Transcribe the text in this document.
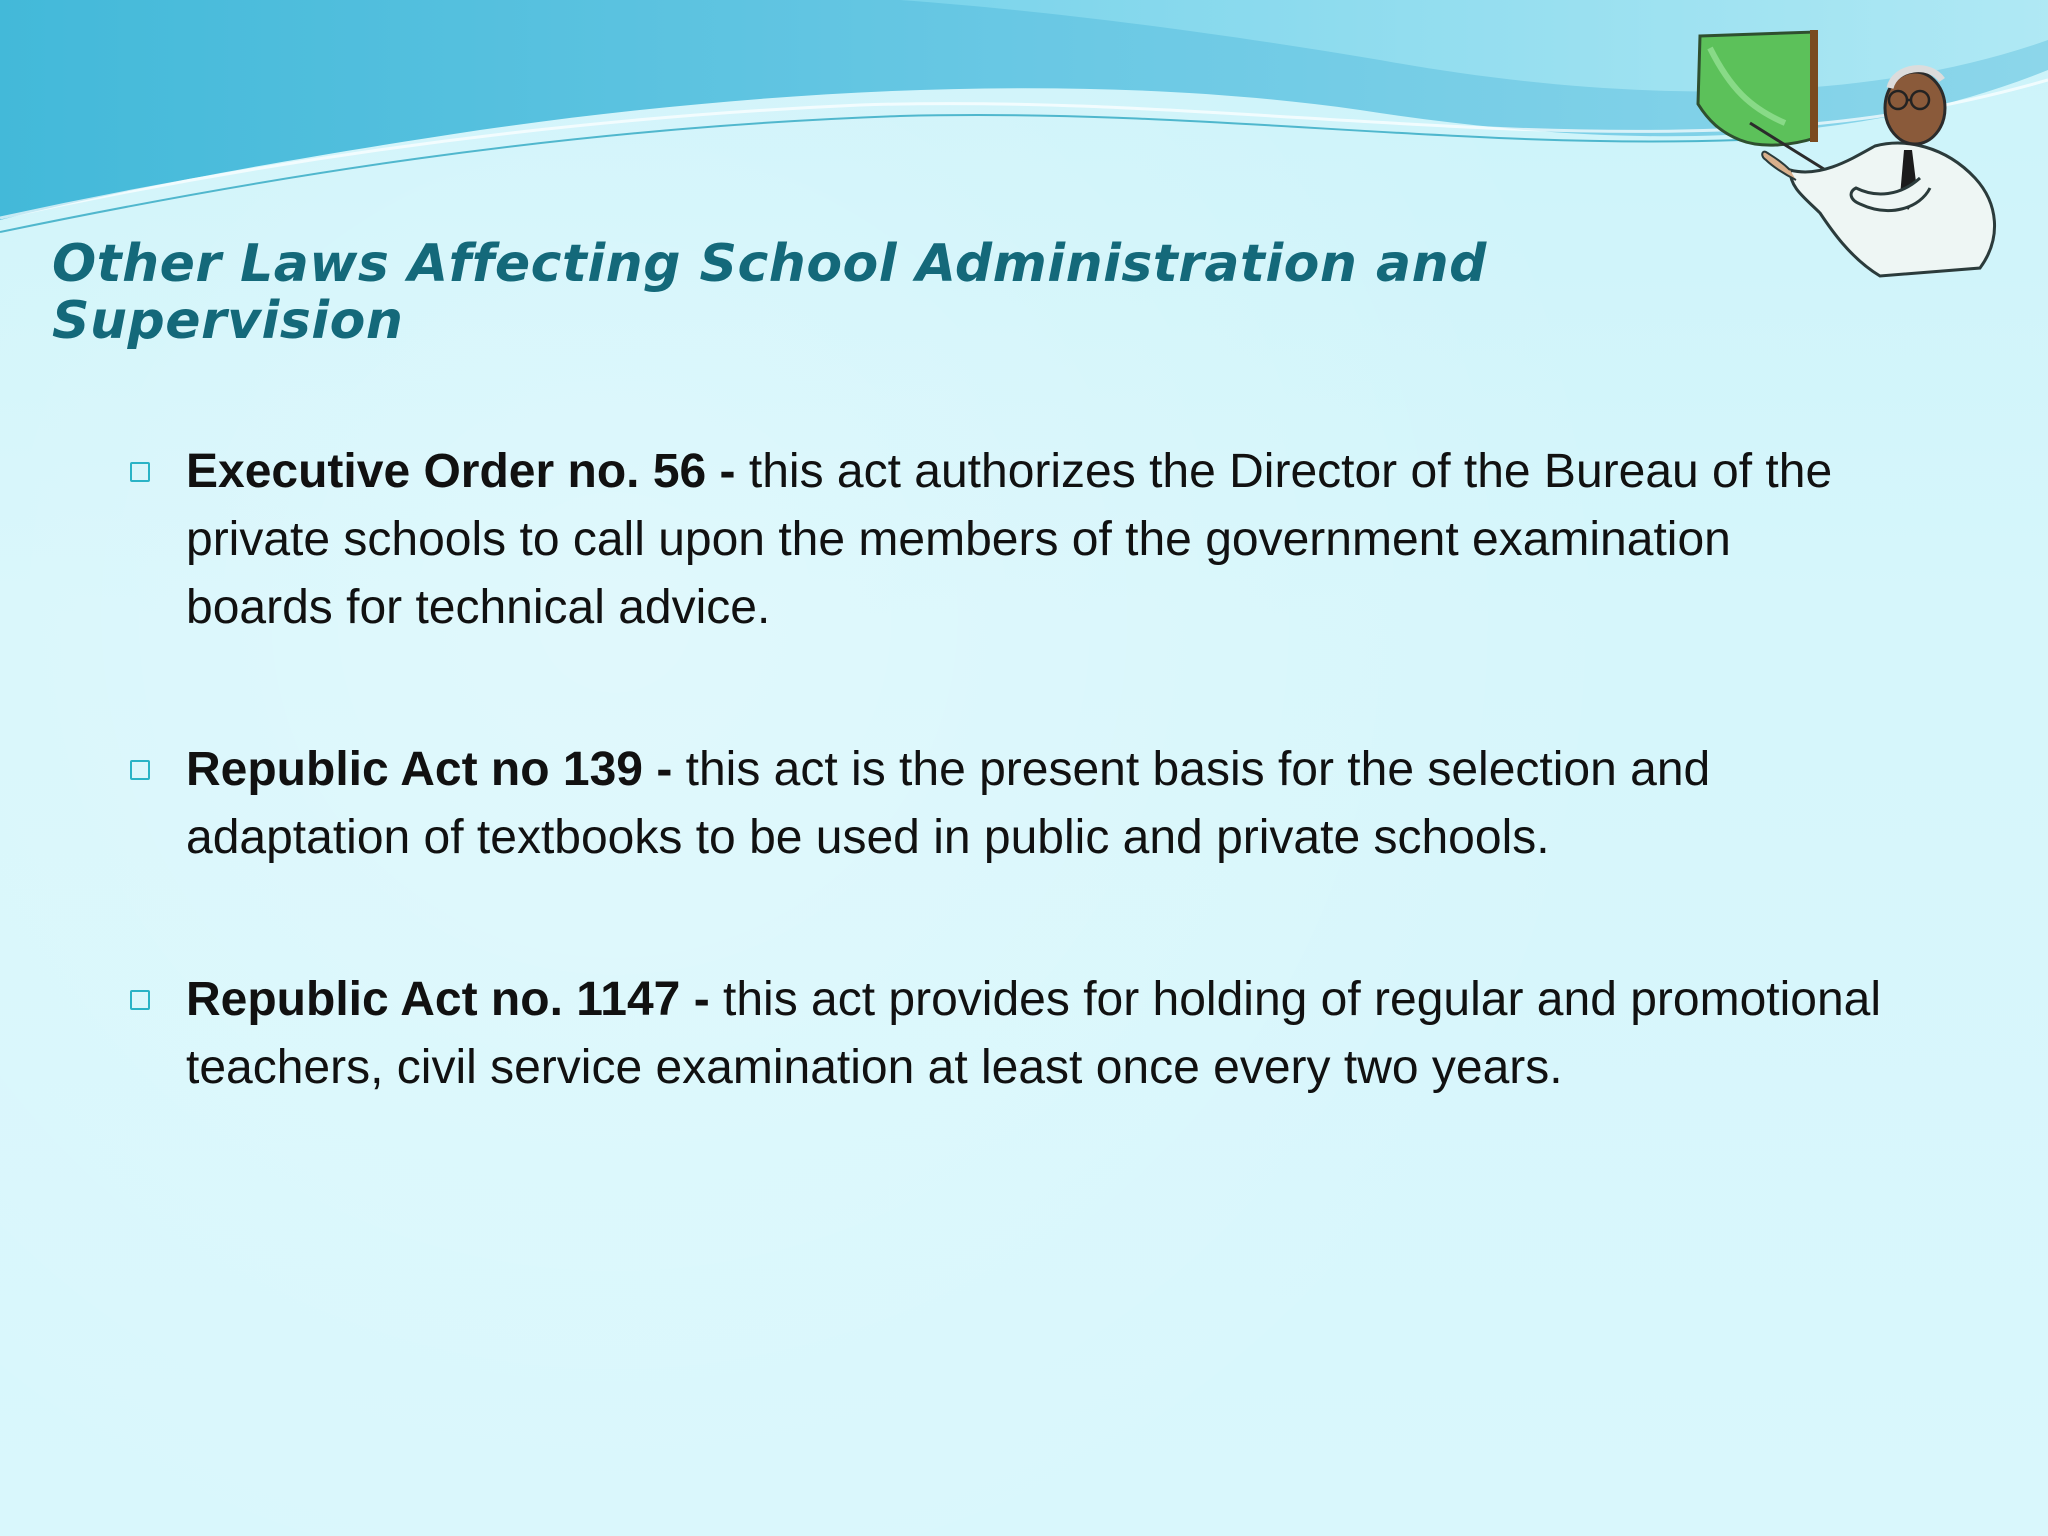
Other Laws Affecting School Administration and Supervision
Executive Order no. 56 - this act authorizes the Director of the Bureau of the private schools to call upon the members of the government examination boards for technical advice.
Republic Act no 139 - this act is the present basis for the selection and adaptation of textbooks to be used in public and private schools.
Republic Act no. 1147 - this act provides for holding of regular and promotional teachers, civil service examination at least once every two years.
